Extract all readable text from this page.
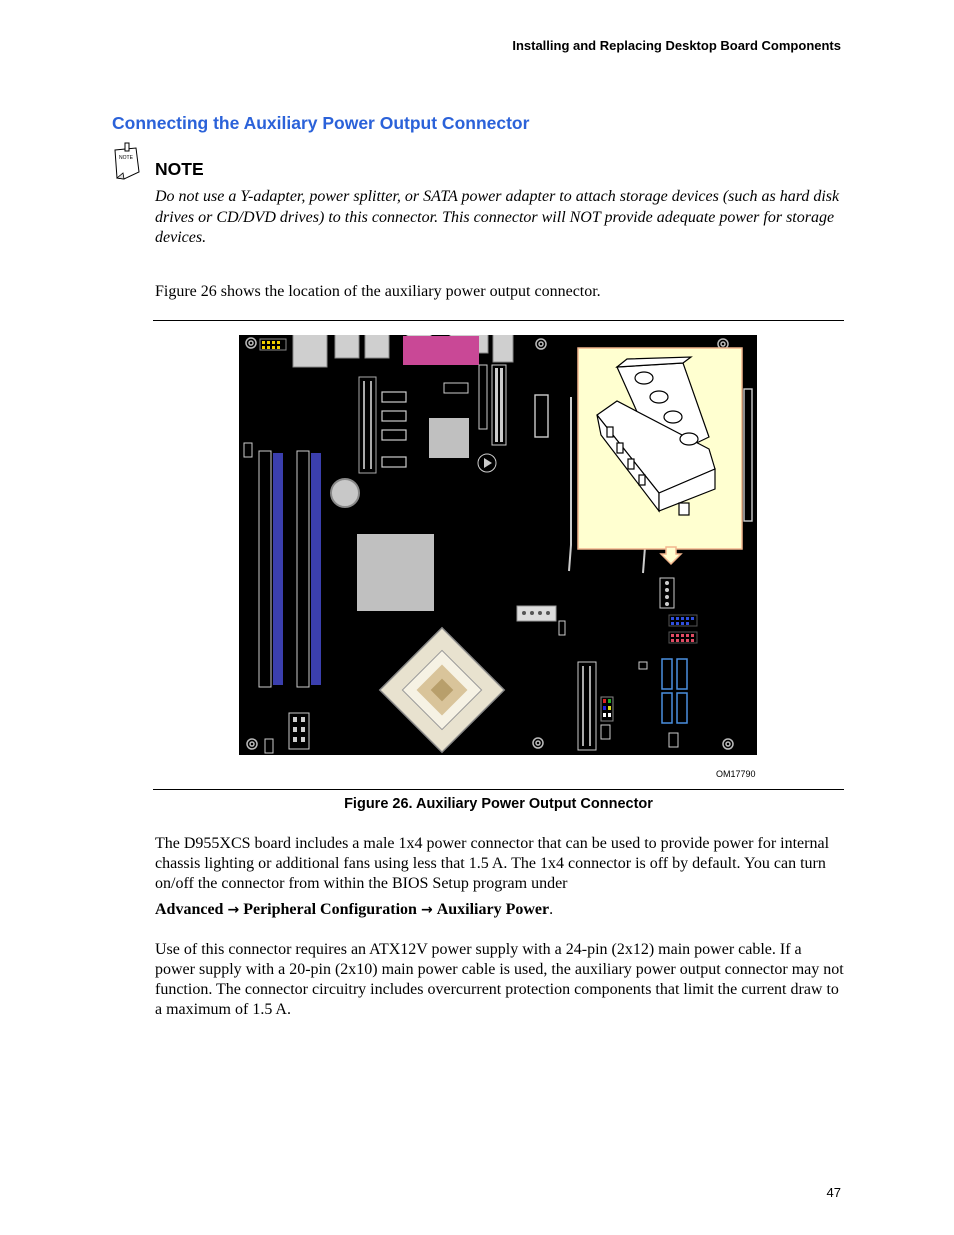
Installing and Replacing Desktop Board Components
Connecting the Auxiliary Power Output Connector
NOTE
NOTE

Do not use a Y-adapter, power splitter, or SATA power adapter to attach storage devices (such as hard disk drives or CD/DVD drives) to this connector. This connector will NOT provide adequate power for storage devices.

Figure 26 shows the location of the auxiliary power output connector.

OM17790
Figure 26. Auxiliary Power Output Connector

The D955XCS board includes a male 1x4 power connector that can be used to provide power for internal chassis lighting or additional fans using less that 1.5 A. The 1x4 connector is off by default. You can turn on/off the connector from within the BIOS Setup program under

Advanced → Peripheral Configuration → Auxiliary Power.

Use of this connector requires an ATX12V power supply with a 24-pin (2x12) main power cable. If a power supply with a 20-pin (2x10) main power cable is used, the auxiliary power output connector may not function. The connector circuitry includes overcurrent protection components that limit the current draw to a maximum of 1.5 A.

47
